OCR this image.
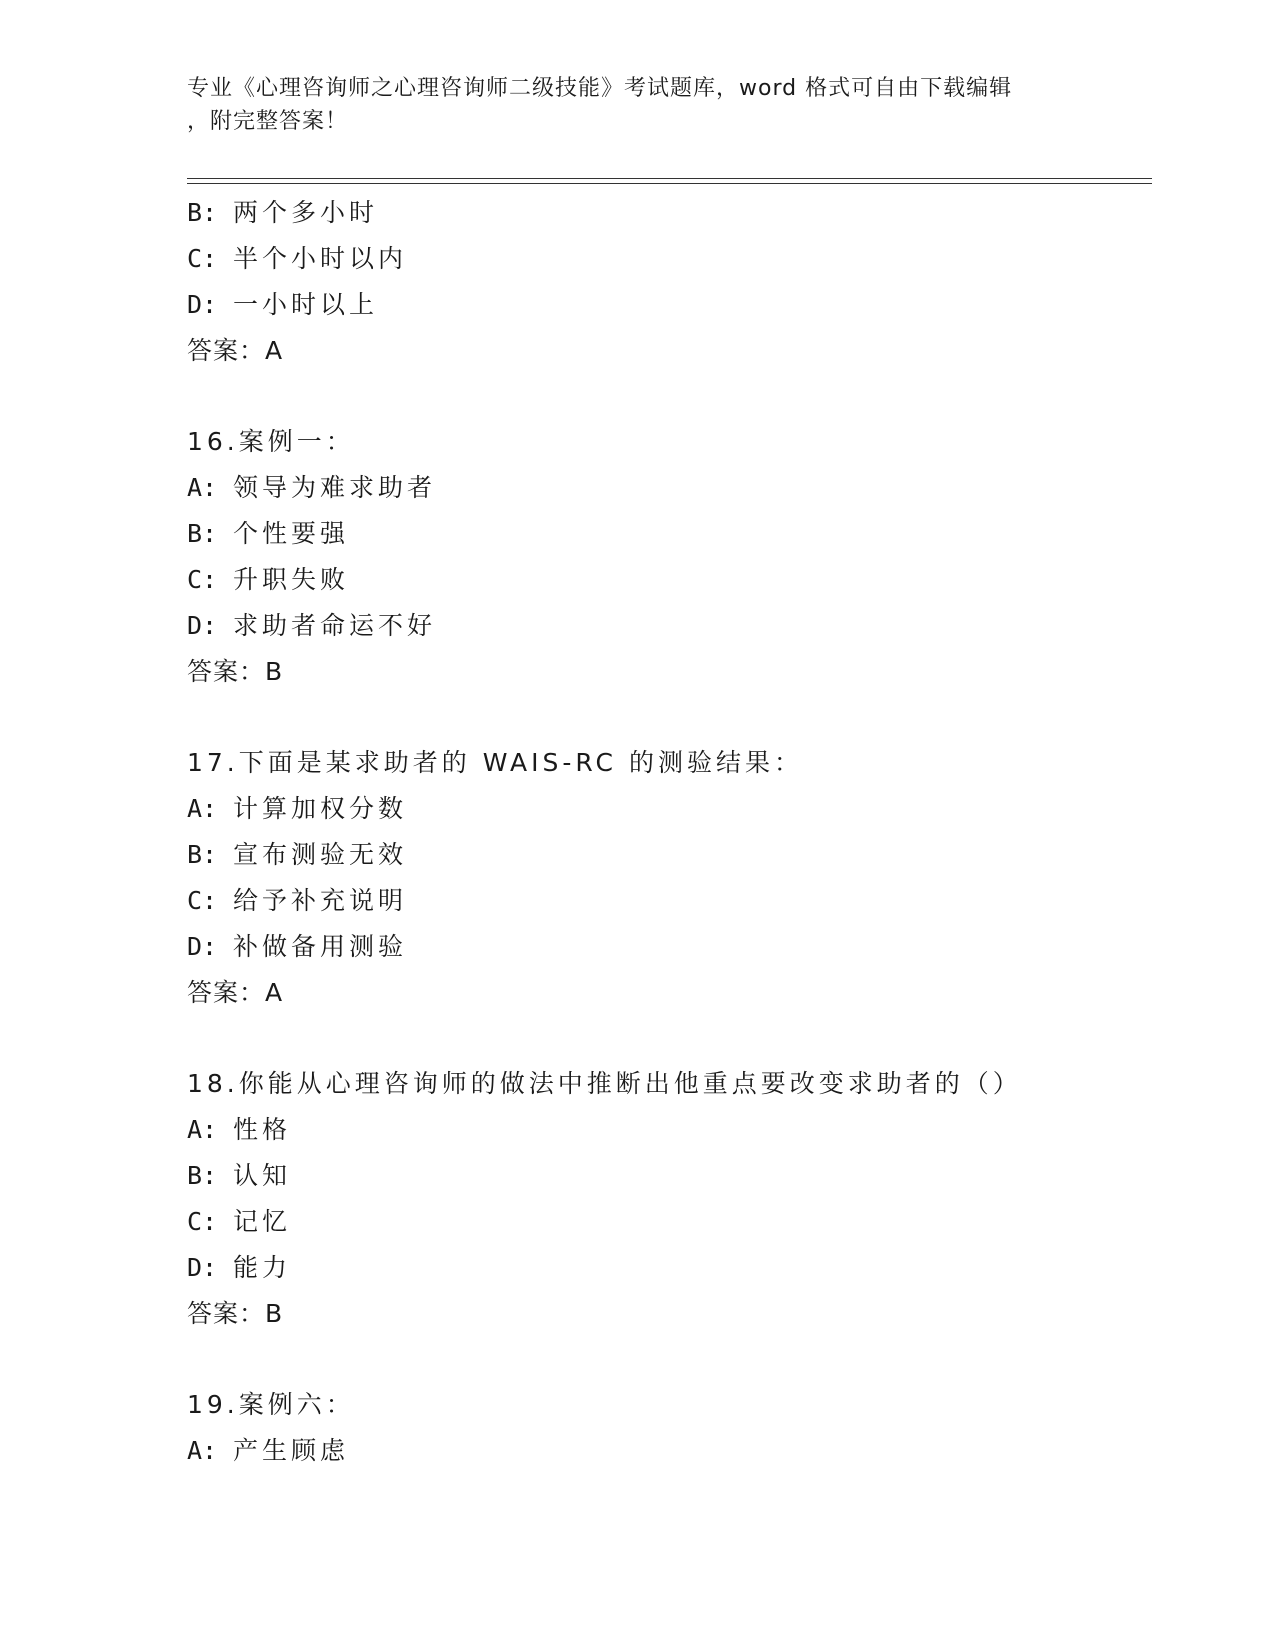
专业《心理咨询师之心理咨询师二级技能》考试题库，word 格式可自由下载编辑
，附完整答案！
B: 两个多小时
C: 半个小时以内
D: 一小时以上
答案：A
16.案例一：
A: 领导为难求助者
B: 个性要强
C: 升职失败
D: 求助者命运不好
答案：B
17.下面是某求助者的 WAIS-RC 的测验结果：
A: 计算加权分数
B: 宣布测验无效
C: 给予补充说明
D: 补做备用测验
答案：A
18.你能从心理咨询师的做法中推断出他重点要改变求助者的（）
A: 性格
B: 认知
C: 记忆
D: 能力
答案：B
19.案例六：
A: 产生顾虑
